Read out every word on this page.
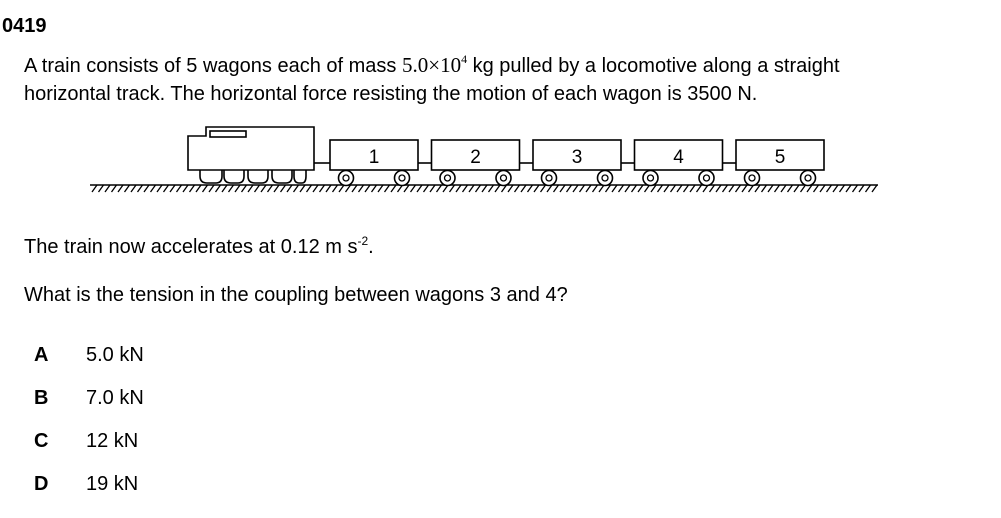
0419
A train consists of 5 wagons each of mass $5.0\times 10^4$ kg pulled by a locomotive along a straight
horizontal track. The horizontal force resisting the motion of each wagon is 3500 N.
1	2	3	4	5
The train now accelerates at 0.12 m $s^{-2}$.
What is the tension in the coupling between wagons 3 and 4?
A 5.0 kN
B 7.0 kN
C 12 kN
D 19 kN
